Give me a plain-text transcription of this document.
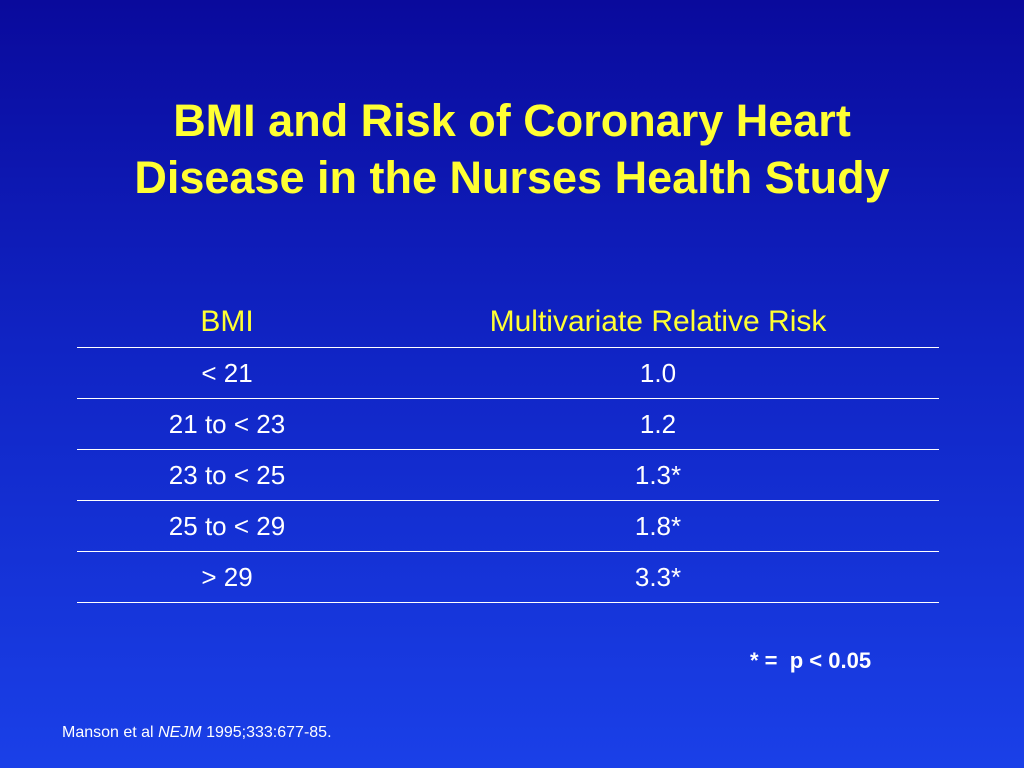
BMI and Risk of Coronary Heart
Disease in the Nurses Health Study
BMI	Multivariate Relative Risk
< 21	1.0
21 to < 23	1.2
23 to < 25	1.3*
25 to < 29	1.8*
> 29	3.3*
* =  p < 0.05
Manson et al NEJM 1995;333:677-85.
